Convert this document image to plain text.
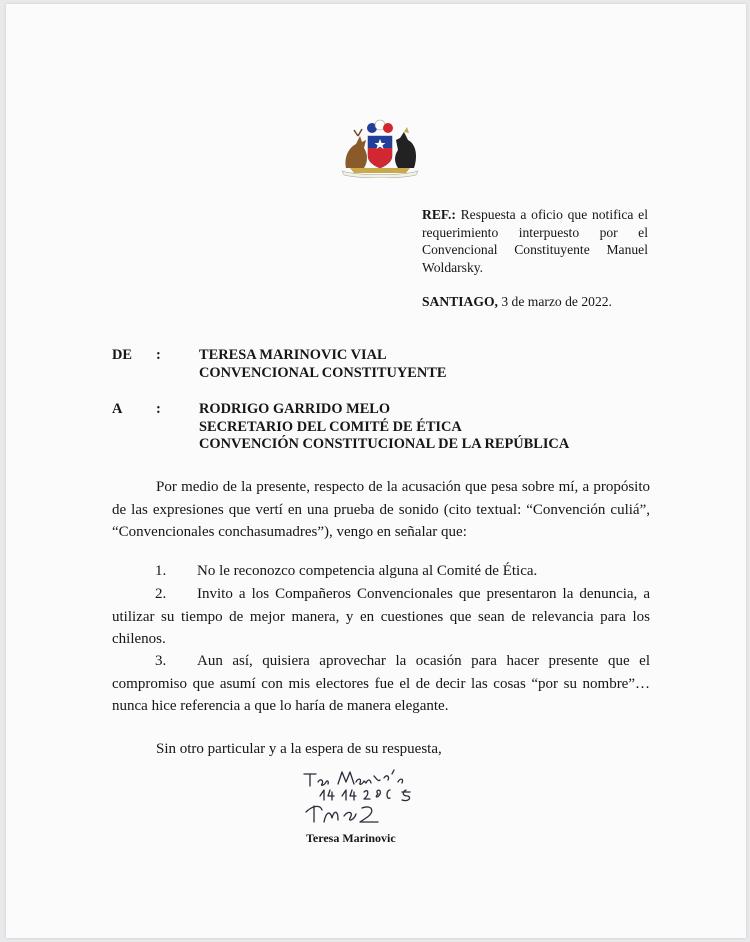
REF.: Respuesta a oficio que notifica el requerimiento interpuesto por el Convencional Constituyente Manuel Woldarsky.
SANTIAGO, 3 de marzo de 2022.
DE :	TERESA MARINOVIC VIAL
CONVENCIONAL CONSTITUYENTE
A :	RODRIGO GARRIDO MELO
SECRETARIO DEL COMITÉ DE ÉTICA
CONVENCIÓN CONSTITUCIONAL DE LA REPÚBLICA
Por medio de la presente, respecto de la acusación que pesa sobre mí, a propósito de las expresiones que vertí en una prueba de sonido (cito textual: “Convención culiá”, “Convencionales conchasumadres”), vengo en señalar que:
1. No le reconozco competencia alguna al Comité de Ética.
2. Invito a los Compañeros Convencionales que presentaron la denuncia, a utilizar su tiempo de mejor manera, y en cuestiones que sean de relevancia para los chilenos.
3. Aun así, quisiera aprovechar la ocasión para hacer presente que el compromiso que asumí con mis electores fue el de decir las cosas “por su nombre”… nunca hice referencia a que lo haría de manera elegante.
Sin otro particular y a la espera de su respuesta,
Teresa Marinovic
